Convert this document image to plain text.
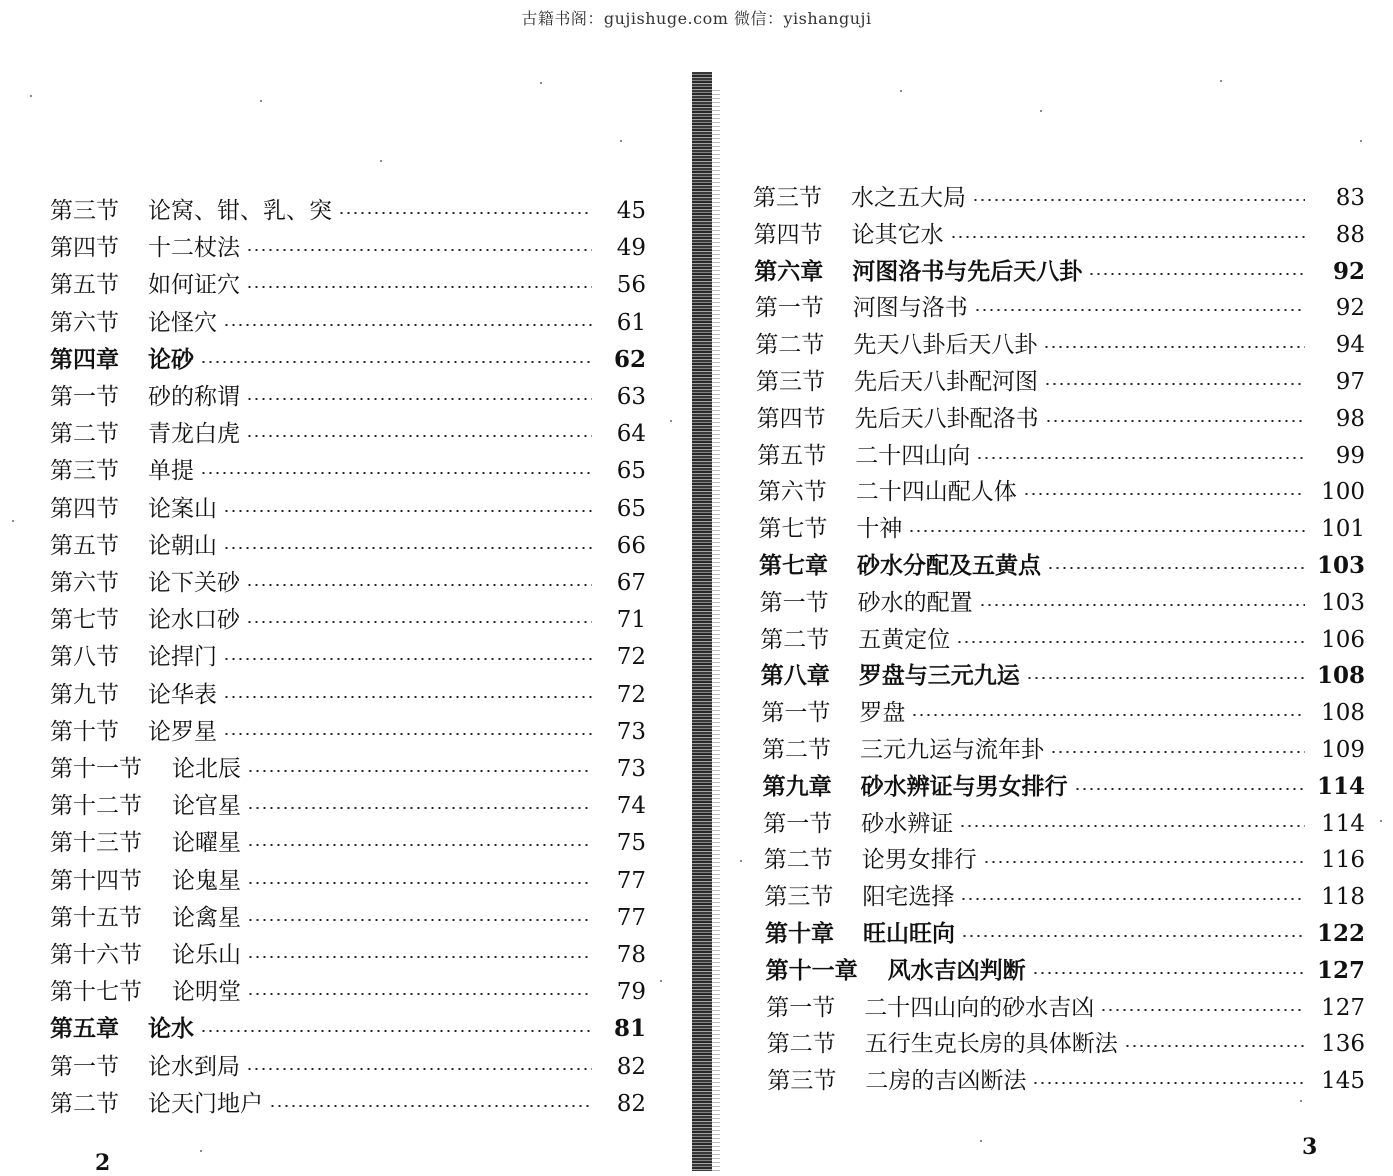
古籍书阁：gujishuge.com 微信：yishanguji
2
第三节	论窝、钳、乳、突	45
第四节	十二杖法	49
第五节	如何证穴	56
第六节	论怪穴	61
第四章	论砂	62
第一节	砂的称谓	63
第二节	青龙白虎	64
第三节	单提	65
第四节	论案山	65
第五节	论朝山	66
第六节	论下关砂	67
第七节	论水口砂	71
第八节	论捍门	72
第九节	论华表	72
第十节	论罗星	73
第十一节	论北辰	73
第十二节	论官星	74
第十三节	论曜星	75
第十四节	论鬼星	77
第十五节	论禽星	77
第十六节	论乐山	78
第十七节	论明堂	79
第五章	论水	81
第一节	论水到局	82
第二节	论天门地户	82
3
第三节	水之五大局	83
第四节	论其它水	88
第六章	河图洛书与先后天八卦	92
第一节	河图与洛书	92
第二节	先天八卦后天八卦	94
第三节	先后天八卦配河图	97
第四节	先后天八卦配洛书	98
第五节	二十四山向	99
第六节	二十四山配人体	100
第七节	十神	101
第七章	砂水分配及五黄点	103
第一节	砂水的配置	103
第二节	五黄定位	106
第八章	罗盘与三元九运	108
第一节	罗盘	108
第二节	三元九运与流年卦	109
第九章	砂水辨证与男女排行	114
第一节	砂水辨证	114
第二节	论男女排行	116
第三节	阳宅选择	118
第十章	旺山旺向	122
第十一章	风水吉凶判断	127
第一节	二十四山向的砂水吉凶	127
第二节	五行生克长房的具体断法	136
第三节	二房的吉凶断法	145
